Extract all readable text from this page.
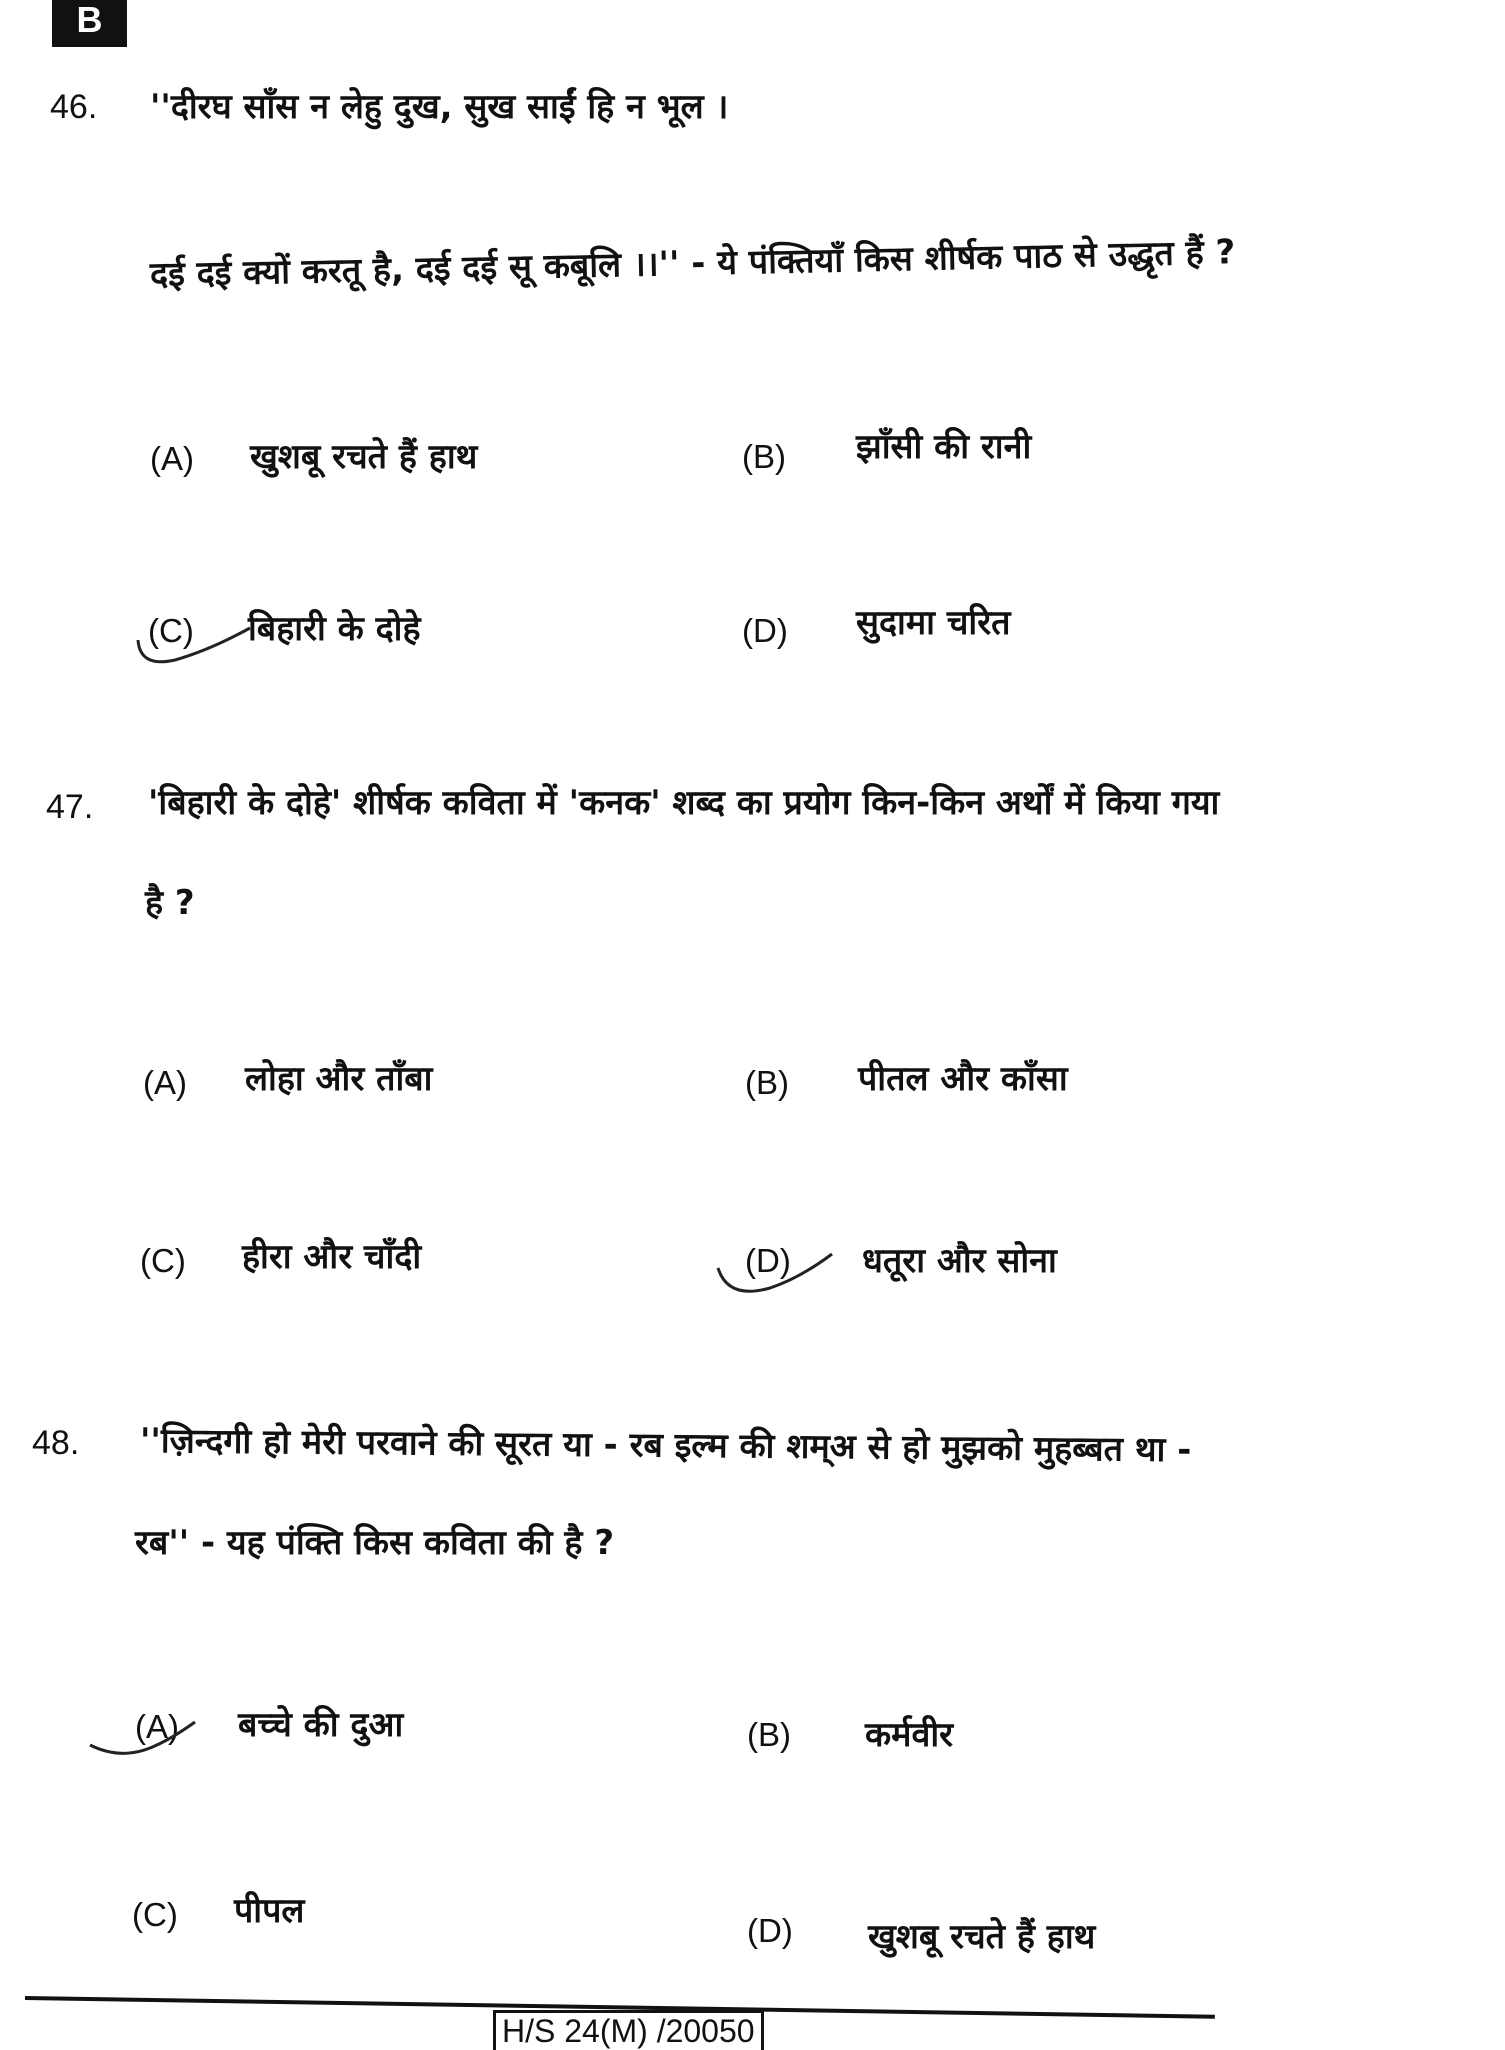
B
46. ''दीरघ साँस न लेहु दुख, सुख साईं हि न भूल ।
दई दई क्यों करतू है, दई दई सू कबूलि ।।'' - ये पंक्तियाँ किस शीर्षक पाठ से उद्धृत हैं ?
(A) खुशबू रचते हैं हाथ	(B) झाँसी की रानी
(C) बिहारी के दोहे	(D) सुदामा चरित
47. 'बिहारी के दोहे' शीर्षक कविता में 'कनक' शब्द का प्रयोग किन-किन अर्थों में किया गया
है ?
(A) लोहा और ताँबा	(B) पीतल और काँसा
(C) हीरा और चाँदी	(D) धतूरा और सोना
48. ''ज़िन्दगी हो मेरी परवाने की सूरत या - रब इल्म की शम्अ से हो मुझको मुहब्बत था -
रब'' - यह पंक्ति किस कविता की है ?
(A) बच्चे की दुआ	(B) कर्मवीर
(C) पीपल	(D) खुशबू रचते हैं हाथ
H/S 24(M) /20050
